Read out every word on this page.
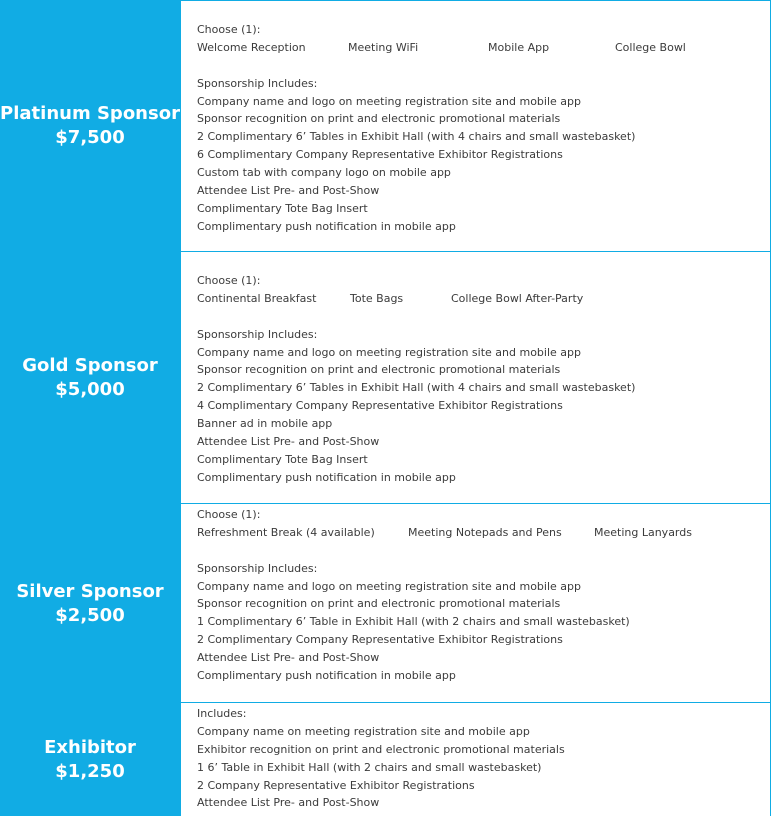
Platinum Sponsor
$7,500
Choose (1):
Welcome Reception	Meeting WiFi	Mobile App	College Bowl
Sponsorship Includes:
Company name and logo on meeting registration site and mobile app
Sponsor recognition on print and electronic promotional materials
2 Complimentary 6’ Tables in Exhibit Hall (with 4 chairs and small wastebasket)
6 Complimentary Company Representative Exhibitor Registrations
Custom tab with company logo on mobile app
Attendee List Pre- and Post-Show
Complimentary Tote Bag Insert
Complimentary push notification in mobile app
Gold Sponsor
$5,000
Choose (1):
Continental Breakfast	Tote Bags	College Bowl After-Party
Sponsorship Includes:
Company name and logo on meeting registration site and mobile app
Sponsor recognition on print and electronic promotional materials
2 Complimentary 6’ Tables in Exhibit Hall (with 4 chairs and small wastebasket)
4 Complimentary Company Representative Exhibitor Registrations
Banner ad in mobile app
Attendee List Pre- and Post-Show
Complimentary Tote Bag Insert
Complimentary push notification in mobile app
Silver Sponsor
$2,500
Choose (1):
Refreshment Break (4 available)	Meeting Notepads and Pens	Meeting Lanyards
Sponsorship Includes:
Company name and logo on meeting registration site and mobile app
Sponsor recognition on print and electronic promotional materials
1 Complimentary 6’ Table in Exhibit Hall (with 2 chairs and small wastebasket)
2 Complimentary Company Representative Exhibitor Registrations
Attendee List Pre- and Post-Show
Complimentary push notification in mobile app
Exhibitor
$1,250
Includes:
Company name on meeting registration site and mobile app
Exhibitor recognition on print and electronic promotional materials
1 6’ Table in Exhibit Hall (with 2 chairs and small wastebasket)
2 Company Representative Exhibitor Registrations
Attendee List Pre- and Post-Show
